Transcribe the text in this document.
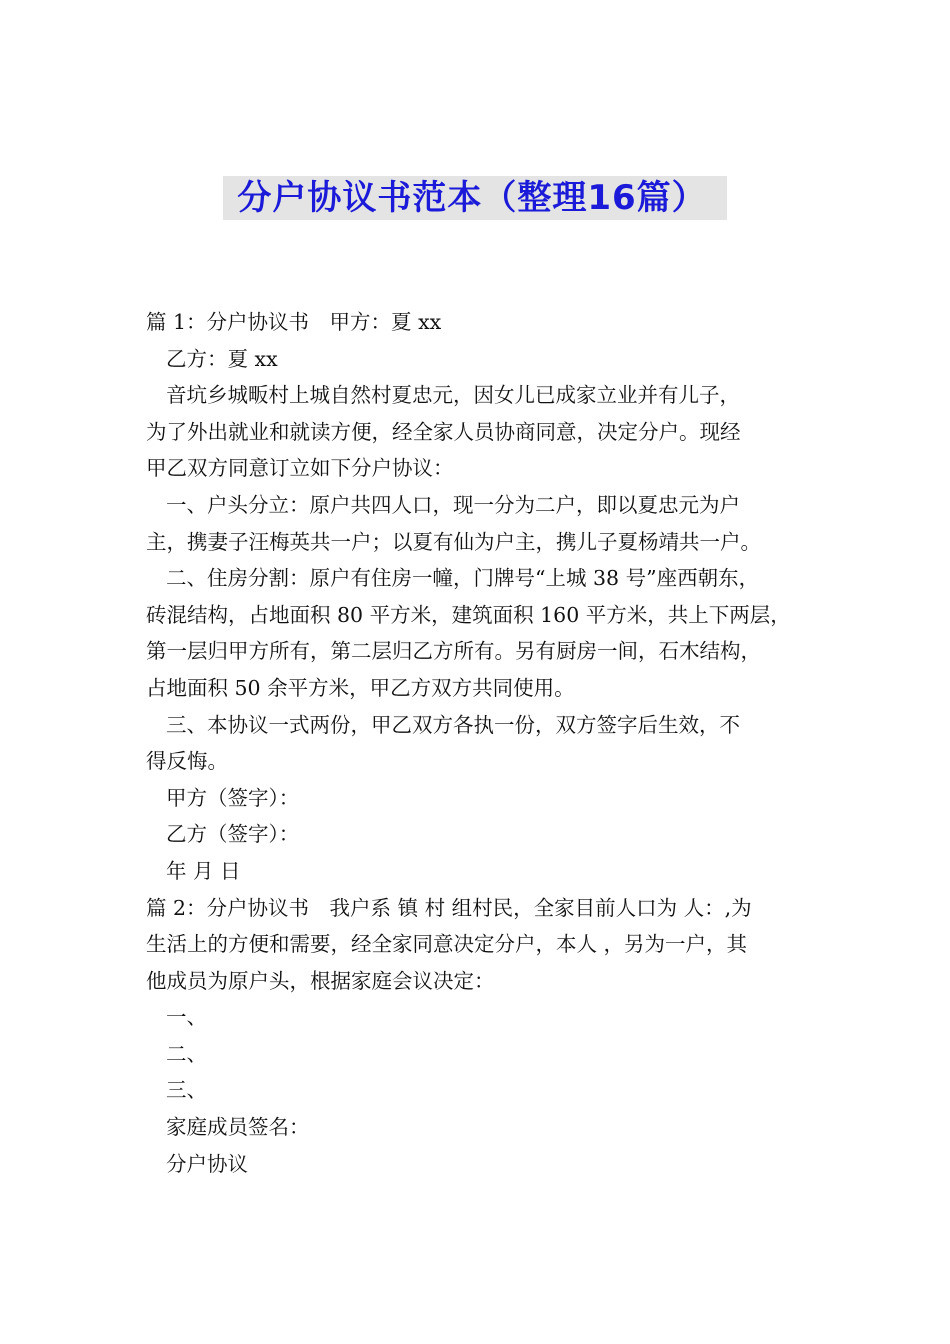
分户协议书范本（整理16篇）

篇 1：分户协议书　甲方：夏 xx

乙方：夏 xx

音坑乡城畈村上城自然村夏忠元，因女儿已成家立业并有儿子，

为了外出就业和就读方便，经全家人员协商同意，决定分户。现经

甲乙双方同意订立如下分户协议：

一、户头分立：原户共四人口，现一分为二户，即以夏忠元为户

主，携妻子汪梅英共一户；以夏有仙为户主，携儿子夏杨靖共一户。

二、住房分割：原户有住房一幢，门牌号“上城 38 号”座西朝东，

砖混结构，占地面积 80 平方米，建筑面积 160 平方米，共上下两层，

第一层归甲方所有，第二层归乙方所有。另有厨房一间，石木结构，

占地面积 50 余平方米，甲乙方双方共同使用。

三、本协议一式两份，甲乙双方各执一份，双方签字后生效，不

得反悔。

甲方（签字）：

乙方（签字）：

年 月 日

篇 2：分户协议书　我户系 镇 村 组村民，全家目前人口为 人：,为

生活上的方便和需要，经全家同意决定分户，本人 ，另为一户，其

他成员为原户头，根据家庭会议决定：

一、

二、

三、

家庭成员签名：

分户协议
